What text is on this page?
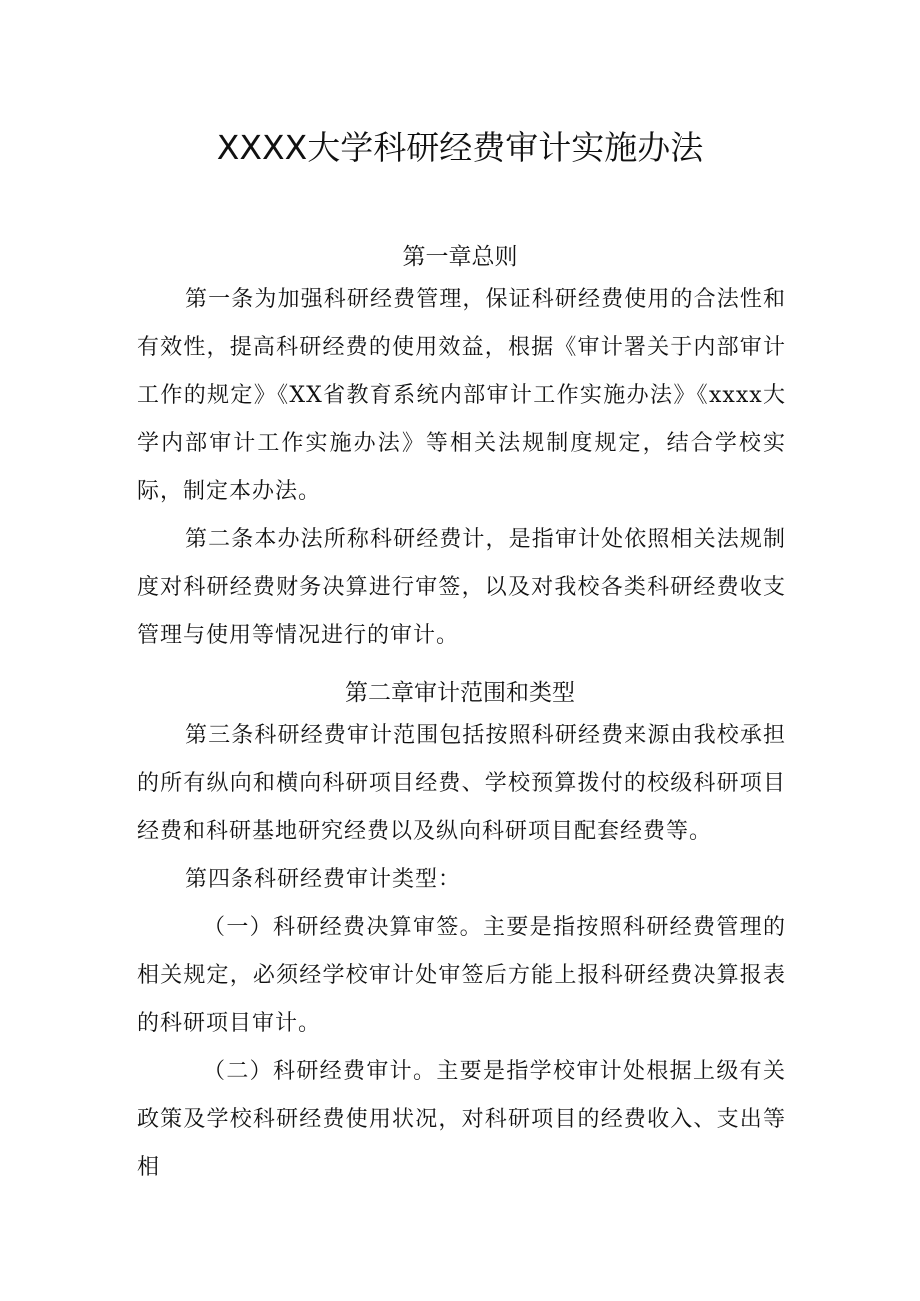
XXXX大学科研经费审计实施办法
第一章总则

第一条为加强科研经费管理，保证科研经费使用的合法性和有效性，提高科研经费的使用效益，根据《审计署关于内部审计工作的规定》《XX省教育系统内部审计工作实施办法》《xxxx大学内部审计工作实施办法》等相关法规制度规定，结合学校实际，制定本办法。

第二条本办法所称科研经费计，是指审计处依照相关法规制度对科研经费财务决算进行审签，以及对我校各类科研经费收支管理与使用等情况进行的审计。

第二章审计范围和类型

第三条科研经费审计范围包括按照科研经费来源由我校承担的所有纵向和横向科研项目经费、学校预算拨付的校级科研项目经费和科研基地研究经费以及纵向科研项目配套经费等。

第四条科研经费审计类型：

（一）科研经费决算审签。主要是指按照科研经费管理的相关规定，必须经学校审计处审签后方能上报科研经费决算报表的科研项目审计。

（二）科研经费审计。主要是指学校审计处根据上级有关政策及学校科研经费使用状况，对科研项目的经费收入、支出等相
